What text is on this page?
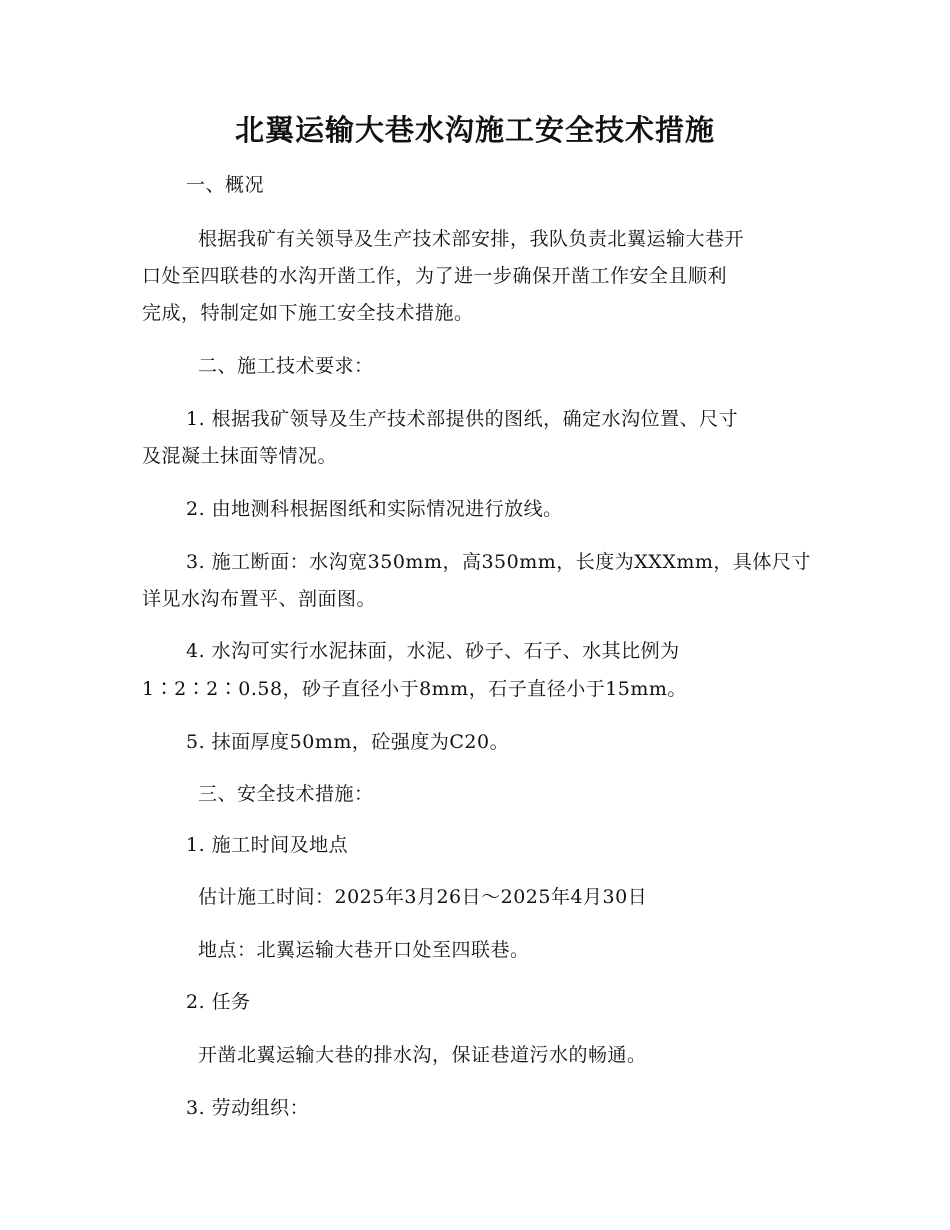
北翼运输大巷水沟施工安全技术措施
一、概况
根据我矿有关领导及生产技术部安排，我队负责北翼运输大巷开
口处至四联巷的水沟开凿工作，为了进一步确保开凿工作安全且顺利
完成，特制定如下施工安全技术措施。
二、施工技术要求：
1. 根据我矿领导及生产技术部提供的图纸，确定水沟位置、尺寸
及混凝土抹面等情况。
2. 由地测科根据图纸和实际情况进行放线。
3. 施工断面：水沟宽350mm，高350mm，长度为XXXmm，具体尺寸
详见水沟布置平、剖面图。
4. 水沟可实行水泥抹面，水泥、砂子、石子、水其比例为
1∶2∶2∶0.58，砂子直径小于8mm，石子直径小于15mm。
5. 抹面厚度50mm，砼强度为C20。
三、安全技术措施：
1. 施工时间及地点
估计施工时间：2025年3月26日～2025年4月30日
地点：北翼运输大巷开口处至四联巷。
2. 任务
开凿北翼运输大巷的排水沟，保证巷道污水的畅通。
3. 劳动组织：
